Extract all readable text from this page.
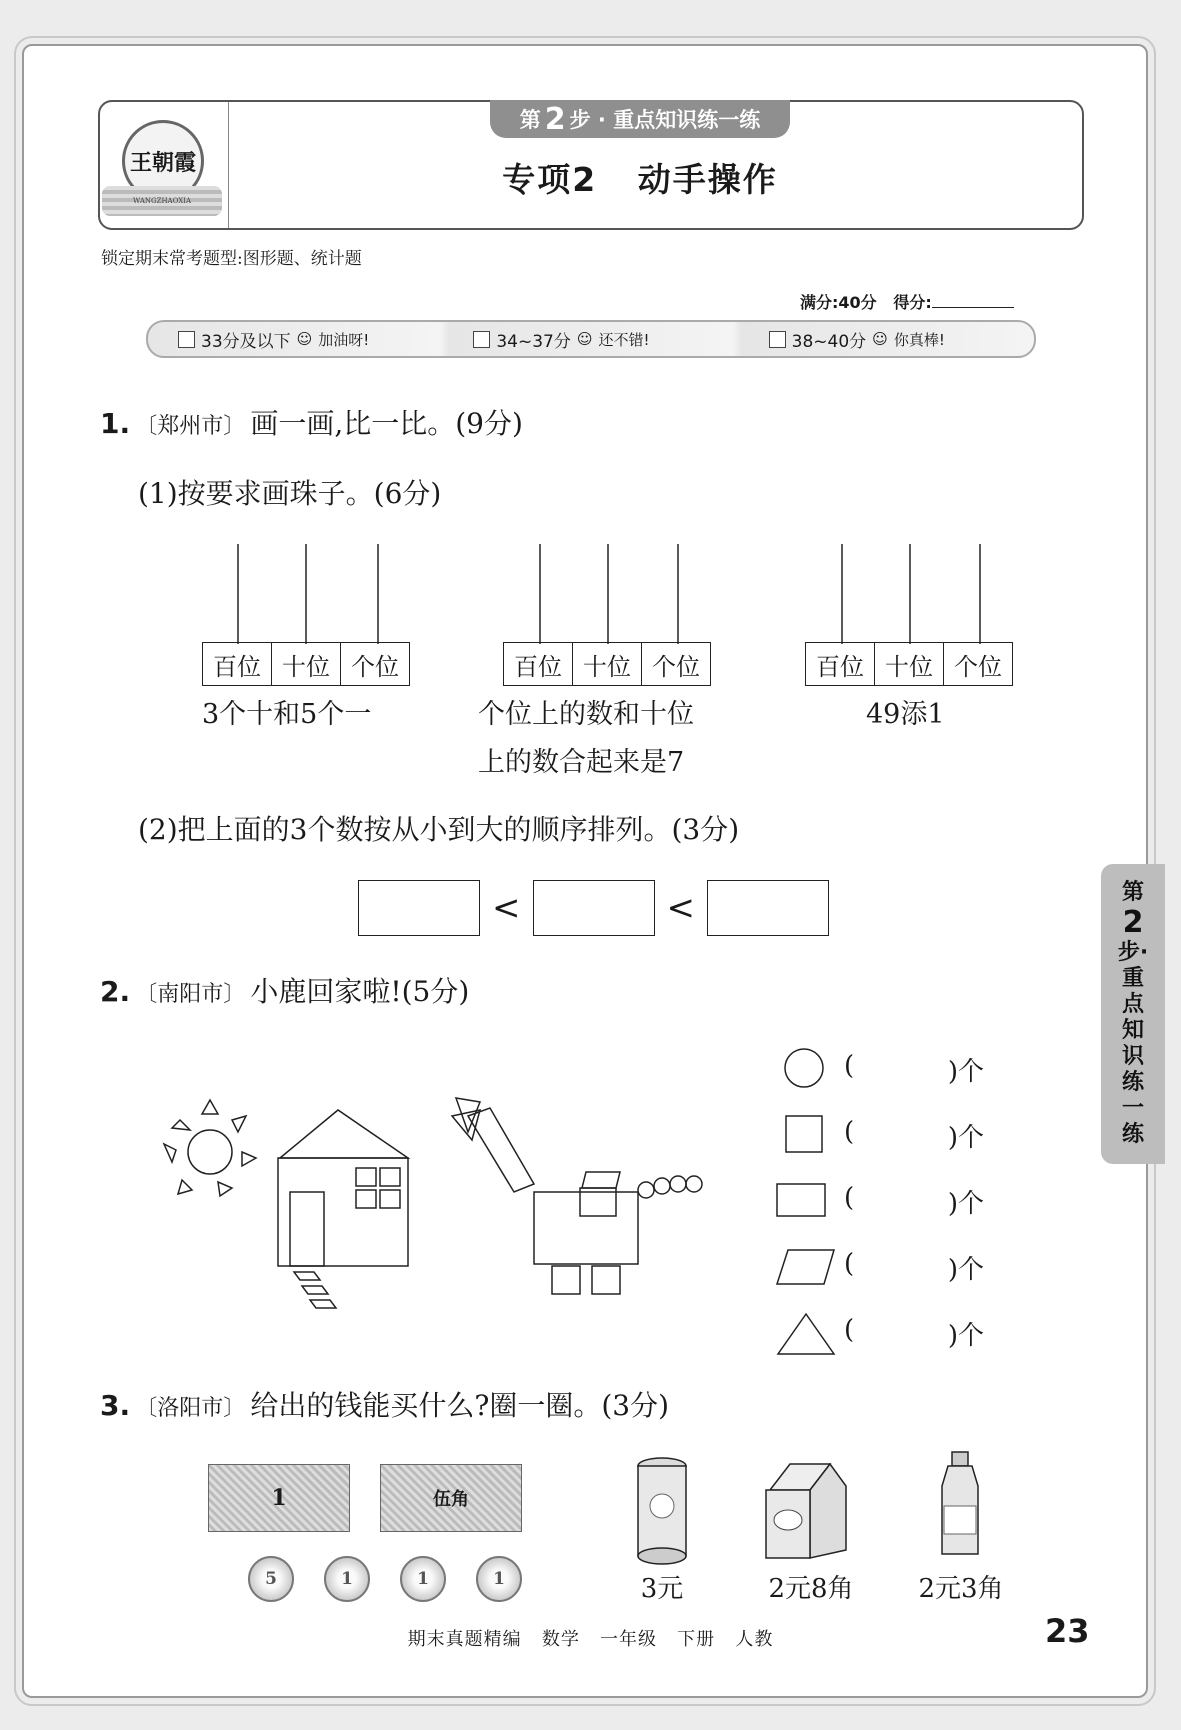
王朝霞
WANGZHAOXIA
第 2 步 · 重点知识练一练
专项2   动手操作
锁定期末常考题型:图形题、统计题
满分:40分 得分:
33分及以下 ☺ 加油呀!	34~37分 ☺ 还不错!	38~40分 ☺ 你真棒!
1. 〔郑州市〕 画一画,比一比。(9分)
(1)按要求画珠子。(6分)
百位	十位	个位
3个十和5个一
百位	十位	个位
个位上的数和十位
上的数合起来是7
百位	十位	个位
49添1
(2)把上面的3个数按从小到大的顺序排列。(3分)
<	<
2. 〔南阳市〕 小鹿回家啦!(5分)
(	)个
(	)个
(	)个
(	)个
(	)个
3. 〔洛阳市〕 给出的钱能买什么?圈一圈。(3分)
1	伍角
5	1	1	1	3元	2元8角	2元3角
第
2
步·
重
点
知
识
练
一
练
期末真题精编   数学   一年级   下册   人教	23
